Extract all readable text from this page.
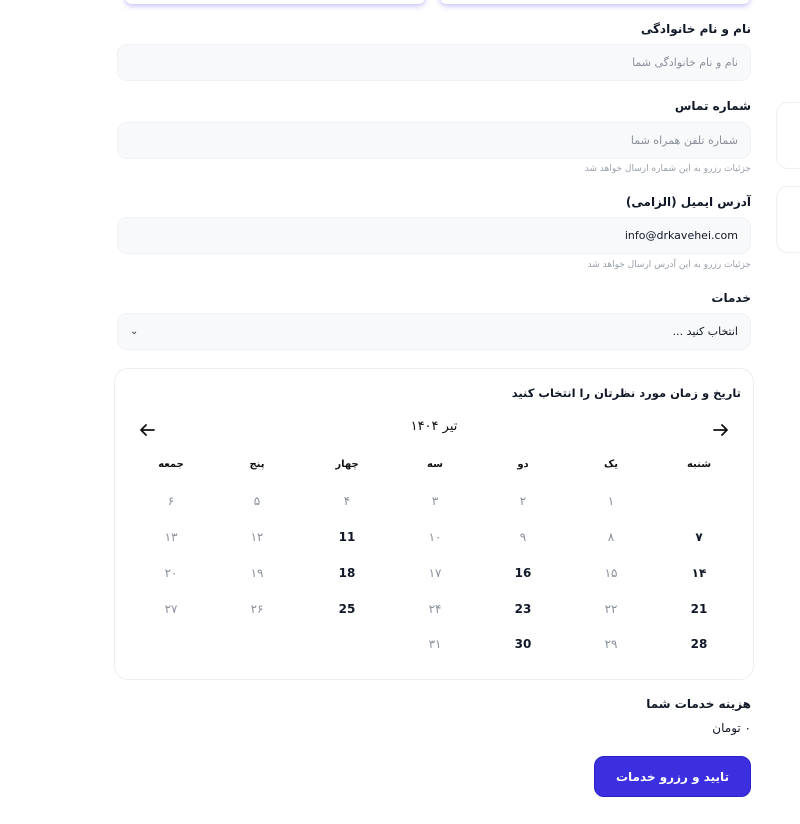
نام و نام خانوادگی
نام و نام خانوادگی شما
شماره تماس
شماره تلفن همراه شما
جزئیات رزرو به این شماره ارسال خواهد شد
آدرس ایمیل (الزامی)
info@drkavehei.com
جزئیات رزرو به این آدرس ارسال خواهد شد
خدمات
انتخاب کنید ...
⌄
تاریخ و زمان مورد نظرتان را انتخاب کنید
تیر ۱۴۰۴
شنبه
یک
دو
سه
چهار
پنج
جمعه
۱
۲
۳
۴
۵
۶
۷
۸
۹
۱۰
11
۱۲
۱۳
۱۴
۱۵
16
۱۷
18
۱۹
۲۰
21
۲۲
23
۲۴
25
۲۶
۲۷
28
۲۹
30
۳۱
هزینه خدمات شما
۰ تومان
تایید و رزرو خدمات
